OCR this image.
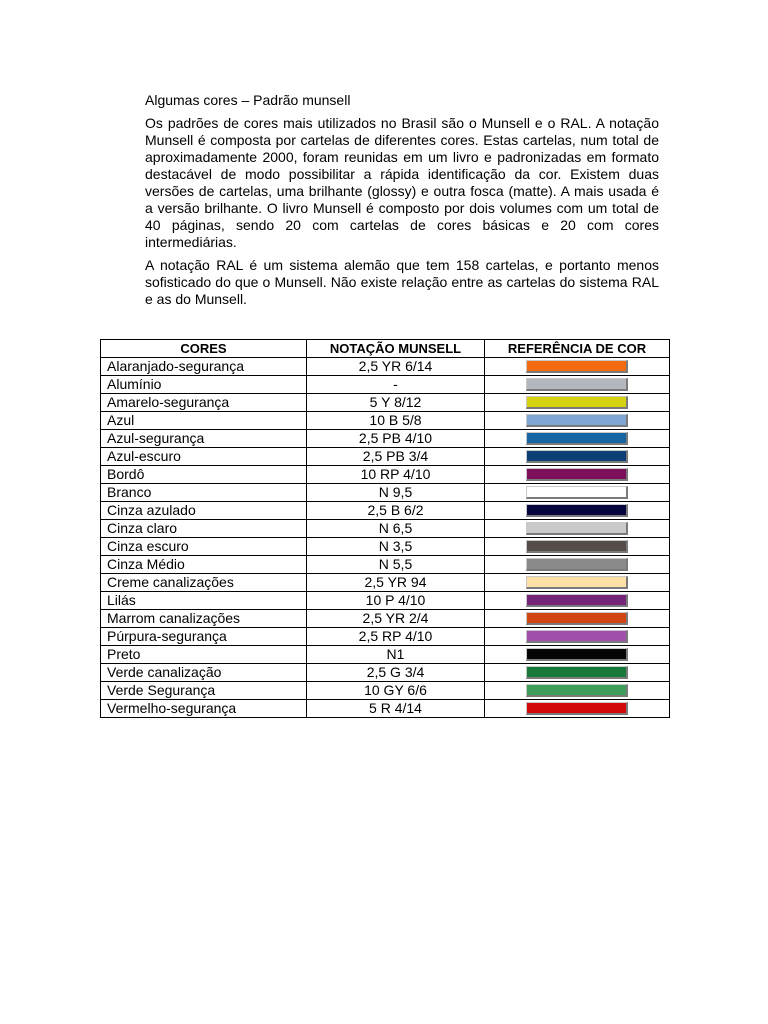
Algumas cores – Padrão munsell

Os padrões de cores mais utilizados no Brasil são o Munsell e o RAL. A notação Munsell é composta por cartelas de diferentes cores. Estas cartelas, num total de aproximadamente 2000, foram reunidas em um livro e padronizadas em formato destacável de modo possibilitar a rápida identificação da cor. Existem duas versões de cartelas, uma brilhante (glossy) e outra fosca (matte). A mais usada é a versão brilhante. O livro Munsell é composto por dois volumes com um total de 40 páginas, sendo 20 com cartelas de cores básicas e 20 com cores intermediárias.

A notação RAL é um sistema alemão que tem 158 cartelas, e portanto menos sofisticado do que o Munsell. Não existe relação entre as cartelas do sistema RAL e as do Munsell.

CORES	NOTAÇÃO MUNSELL	REFERÊNCIA DE COR
Alaranjado-segurança	2,5 YR 6/14	
Alumínio	-	
Amarelo-segurança	5 Y 8/12	
Azul	10 B 5/8	
Azul-segurança	2,5 PB 4/10	
Azul-escuro	2,5 PB 3/4	
Bordô	10 RP 4/10	
Branco	N 9,5	
Cinza azulado	2,5 B 6/2	
Cinza claro	N 6,5	
Cinza escuro	N 3,5	
Cinza Médio	N 5,5	
Creme canalizações	2,5 YR 94	
Lilás	10 P 4/10	
Marrom canalizações	2,5 YR 2/4	
Púrpura-segurança	2,5 RP 4/10	
Preto	N1	
Verde canalização	2,5 G 3/4	
Verde Segurança	10 GY 6/6	
Vermelho-segurança	5 R 4/14	
